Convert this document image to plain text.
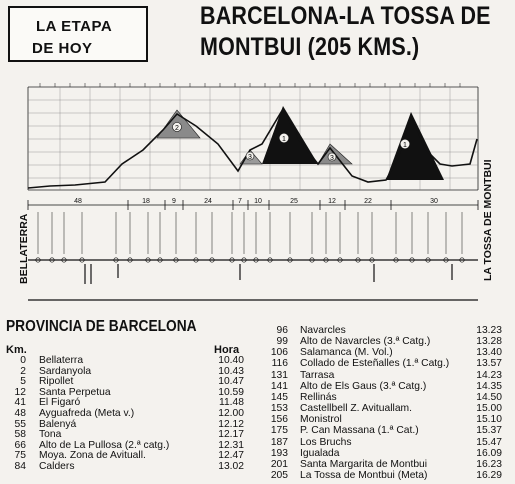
LA ETAPA
DE HOY
BARCELONA-LA TOSSA DE
MONTBUI (205 KMS.)
2
3
1
3
1
48	18	9	24	7 10	25	12	22	30
BELLATERRA	LA TOSSA DE MONTBUI
PROVINCIA DE BARCELONA
Km.	Hora
0 Bellaterra	10.40
2 Sardanyola	10.43
5 Ripollet	10.47
12 Santa Perpetua	10.59
41 El Figaró	11.48
48 Ayguafreda (Meta v.)	12.00
55 Balenyá	12.12
58 Tona	12.17
66 Alto de La Pullosa (2.ª catg.)	12.31
75 Moya. Zona de Avituall.	12.47
84 Calders	13.02
96 Navarcles	13.23
99 Alto de Navarcles (3.ª Catg.)	13.28
106 Salamanca (M. Vol.)	13.40
116 Collado de Esteñalles (1.ª Catg.)	13.57
131 Tarrasa	14.23
141 Alto de Els Gaus (3.ª Catg.)	14.35
145 Rellinás	14.50
153 Castellbell Z. Avituallam.	15.00
156 Monistrol	15.10
175 P. Can Massana (1.ª Cat.)	15.37
187 Los Bruchs	15.47
193 Igualada	16.09
201 Santa Margarita de Montbui	16.23
205 La Tossa de Montbui (Meta)	16.29
